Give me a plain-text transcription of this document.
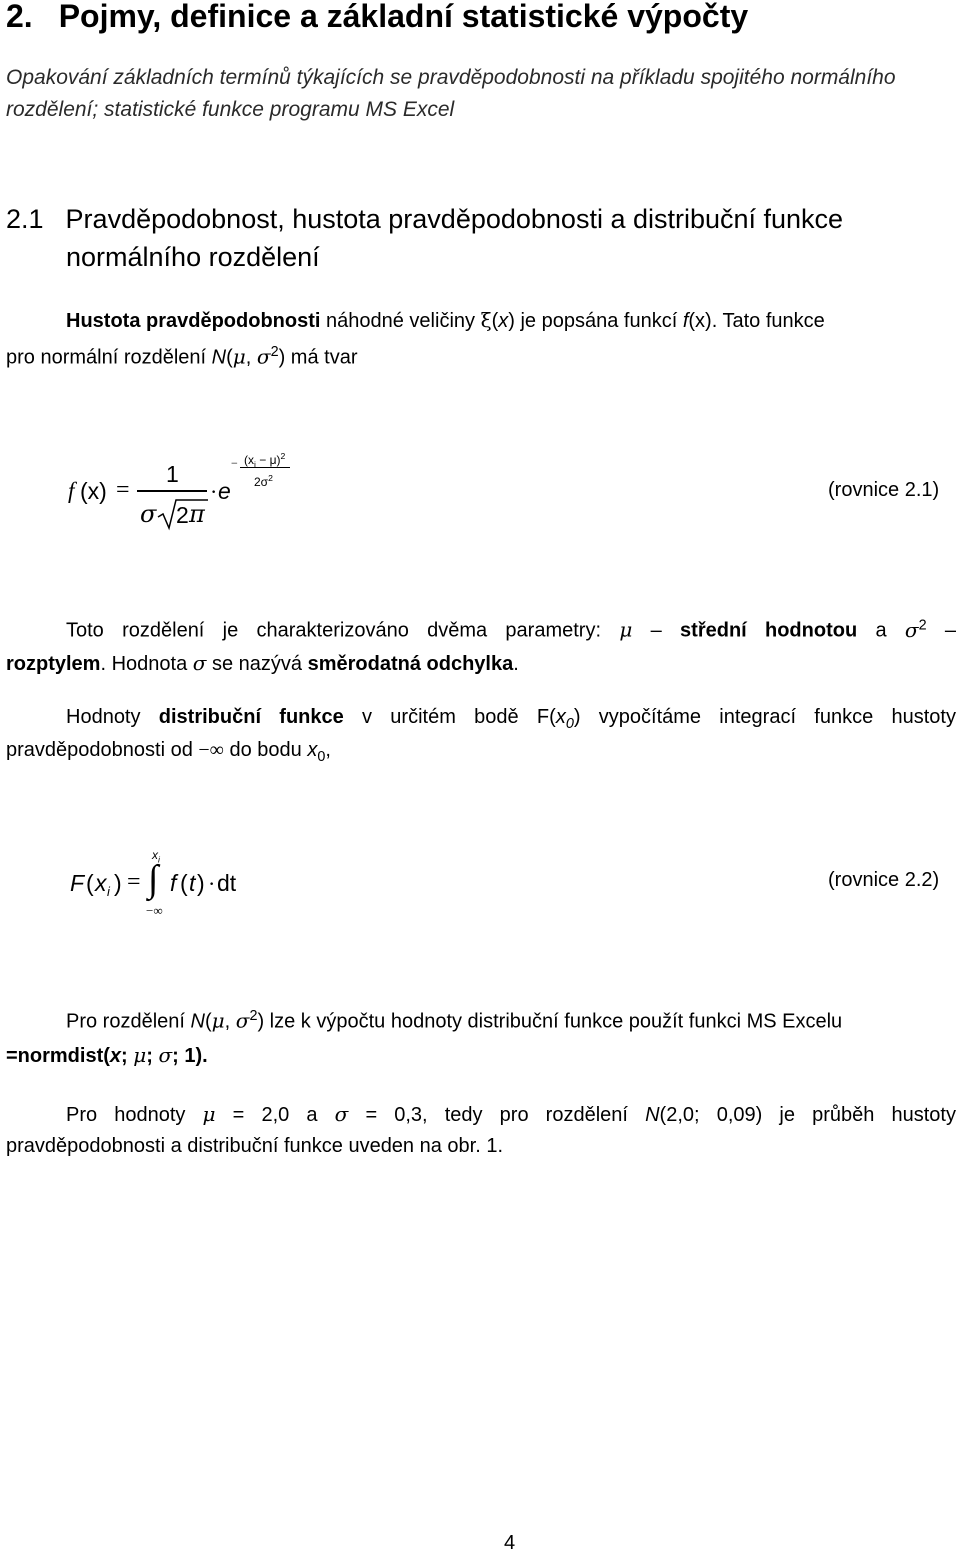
2. Pojmy, definice a základní statistické výpočty
Opakování základních termínů týkajících se pravděpodobnosti na příkladu spojitého normálního
rozdělení; statistické funkce programu MS Excel
2.1 Pravděpodobnost, hustota pravděpodobnosti a distribuční funkce
normálního rozdělení
Hustota pravděpodobnosti náhodné veličiny ξ(x) je popsána funkcí f(x). Tato funkce
pro normální rozdělení N(μ, $\sigma^2$) má tvar
f (x) =
1
σ 2 π
· e
− $(x_i - \mu)^2$
$2\sigma^2$
(rovnice 2.1)
Toto rozdělení je charakterizováno dvěma parametry: μ – střední hodnotou a $\sigma^2$ –
rozptylem. Hodnota σ se nazývá směrodatná odchylka.
Hodnoty distribuční funkce v určitém bodě $F(x_0)$ vypočítáme integrací funkce hustoty
pravděpodobnosti od −∞ do bodu $x_0$,
F ( x i ) = ∫
$x_i$
−∞
f ( t ) · dt	(rovnice 2.2)
Pro rozdělení N(μ, $\sigma^2$) lze k výpočtu hodnoty distribuční funkce použít funkci MS Excelu
=normdist(x; μ; σ; 1).
Pro hodnoty μ = 2,0 a σ = 0,3, tedy pro rozdělení N(2,0; 0,09) je průběh hustoty
pravděpodobnosti a distribuční funkce uveden na obr. 1.
4
